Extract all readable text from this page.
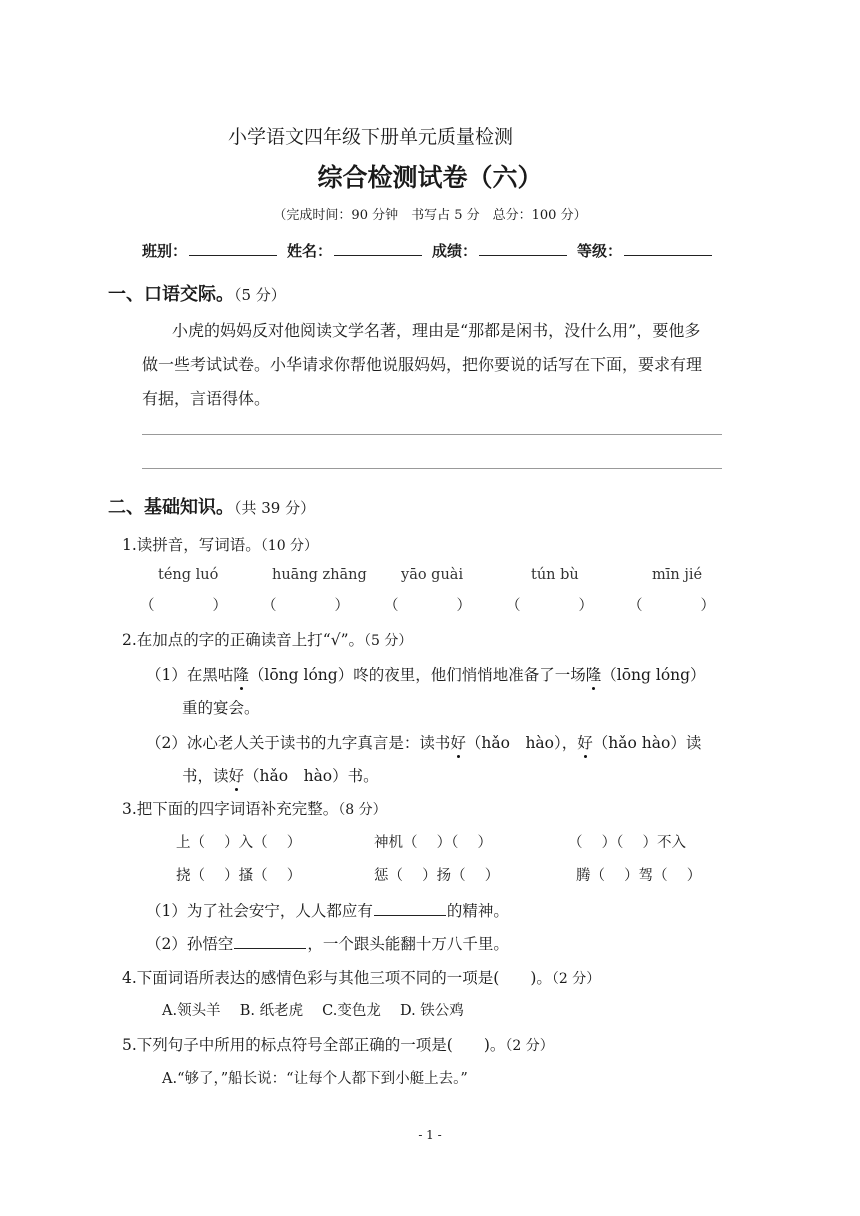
小学语文四年级下册单元质量检测
综合检测试卷（六）
（完成时间：90 分钟　书写占 5 分　总分：100 分）
班别：	姓名：	成绩：	等级：
一、口语交际。（5 分）
小虎的妈妈反对他阅读文学名著，理由是“那都是闲书，没什么用”，要他多
做一些考试试卷。小华请求你帮他说服妈妈，把你要说的话写在下面，要求有理
有据，言语得体。
二、基础知识。（共 39 分）
1.读拼音，写词语。（10 分）
téng luó	huāng zhāng yāo guài	tún bù	mīn jié
（　　　　） （　　　　） （　　　　） （　　　　） （　　　　）
2.在加点的字的正确读音上打“√”。（5 分）
（1）在黑咕隆（lōng lóng）咚的夜里，他们悄悄地准备了一场隆（lōng lóng）
重的宴会。
（2）冰心老人关于读书的九字真言是：读书好（hǎo　hào），好（hǎo hào）读
书，读好（hǎo　hào）书。
3.把下面的四字词语补充完整。（8 分）
上（　 ）入（　 ）	神机（　 ）（　 ）	（　 ）（　 ）不入
挠（　 ）搔（　 ）	惩（　 ）扬（　 ）	腾（　 ）驾（　 ）
（1）为了社会安宁，人人都应有	的精神。
（2）孙悟空	，一个跟头能翻十万八千里。
4.下面词语所表达的感情色彩与其他三项不同的一项是(　　)。（2 分）
A.领头羊　 B. 纸老虎　 C.变色龙　 D. 铁公鸡
5.下列句子中所用的标点符号全部正确的一项是(　　)。（2 分）
A.“够了，”船长说：“让每个人都下到小艇上去。”
- 1 -
